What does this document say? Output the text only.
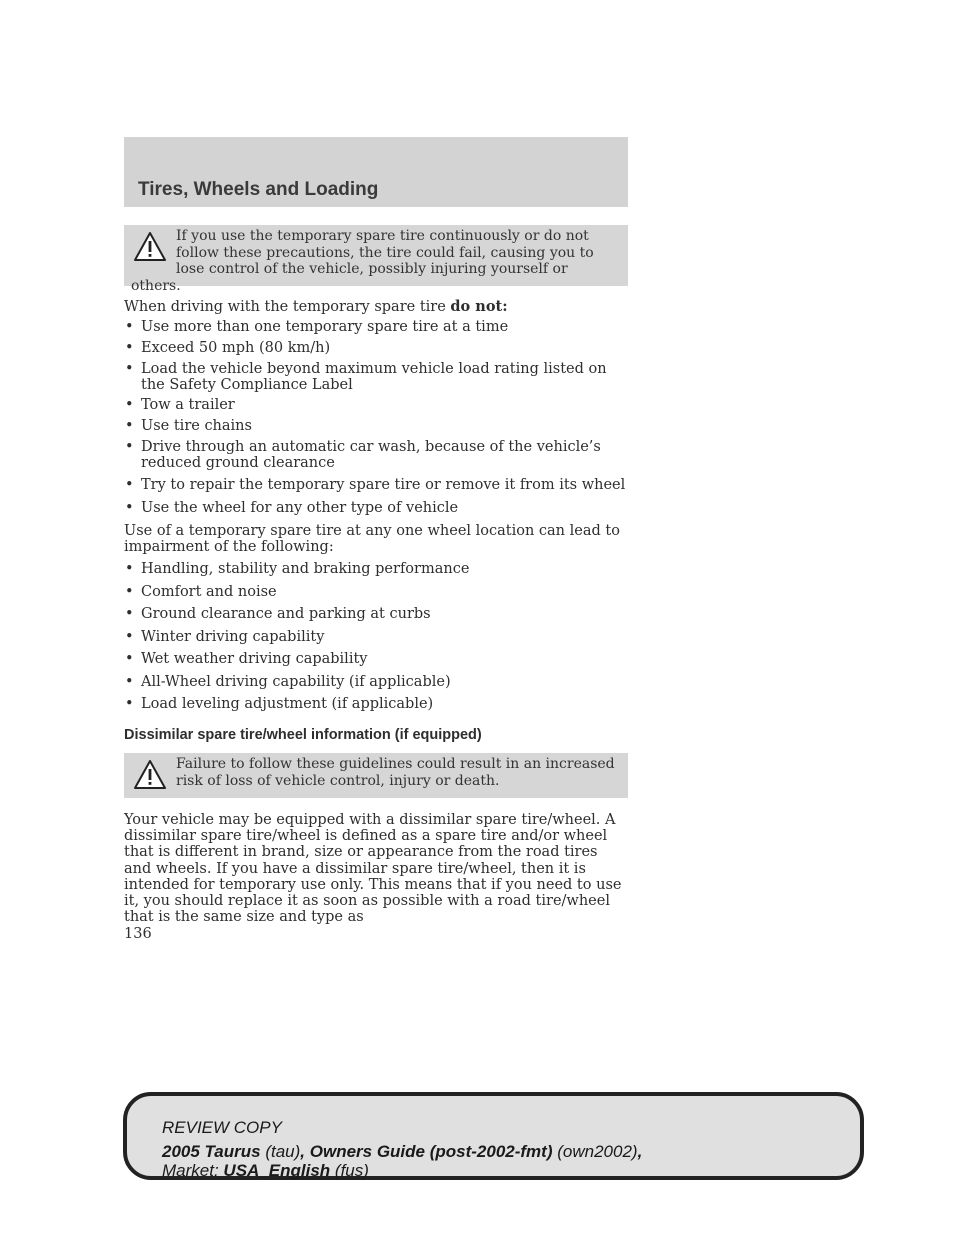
Tires, Wheels and Loading
If you use the temporary spare tire continuously or do not follow these precautions, the tire could fail, causing you to lose control of the vehicle, possibly injuring yourself or others.

When driving with the temporary spare tire do not:

• Use more than one temporary spare tire at a time
• Exceed 50 mph (80 km/h)
• Load the vehicle beyond maximum vehicle load rating listed on the Safety Compliance Label
• Tow a trailer
• Use tire chains
• Drive through an automatic car wash, because of the vehicle’s reduced ground clearance
• Try to repair the temporary spare tire or remove it from its wheel
• Use the wheel for any other type of vehicle

Use of a temporary spare tire at any one wheel location can lead to impairment of the following:

• Handling, stability and braking performance
• Comfort and noise
• Ground clearance and parking at curbs
• Winter driving capability
• Wet weather driving capability
• All-Wheel driving capability (if applicable)
• Load leveling adjustment (if applicable)
Dissimilar spare tire/wheel information (if equipped)
Failure to follow these guidelines could result in an increased risk of loss of vehicle control, injury or death.

Your vehicle may be equipped with a dissimilar spare tire/wheel. A dissimilar spare tire/wheel is defined as a spare tire and/or wheel that is different in brand, size or appearance from the road tires and wheels. If you have a dissimilar spare tire/wheel, then it is intended for temporary use only. This means that if you need to use it, you should replace it as soon as possible with a road tire/wheel that is the same size and type as

136
REVIEW COPY
2005 Taurus (tau), Owners Guide (post-2002-fmt) (own2002),
Market: USA_English (fus)
